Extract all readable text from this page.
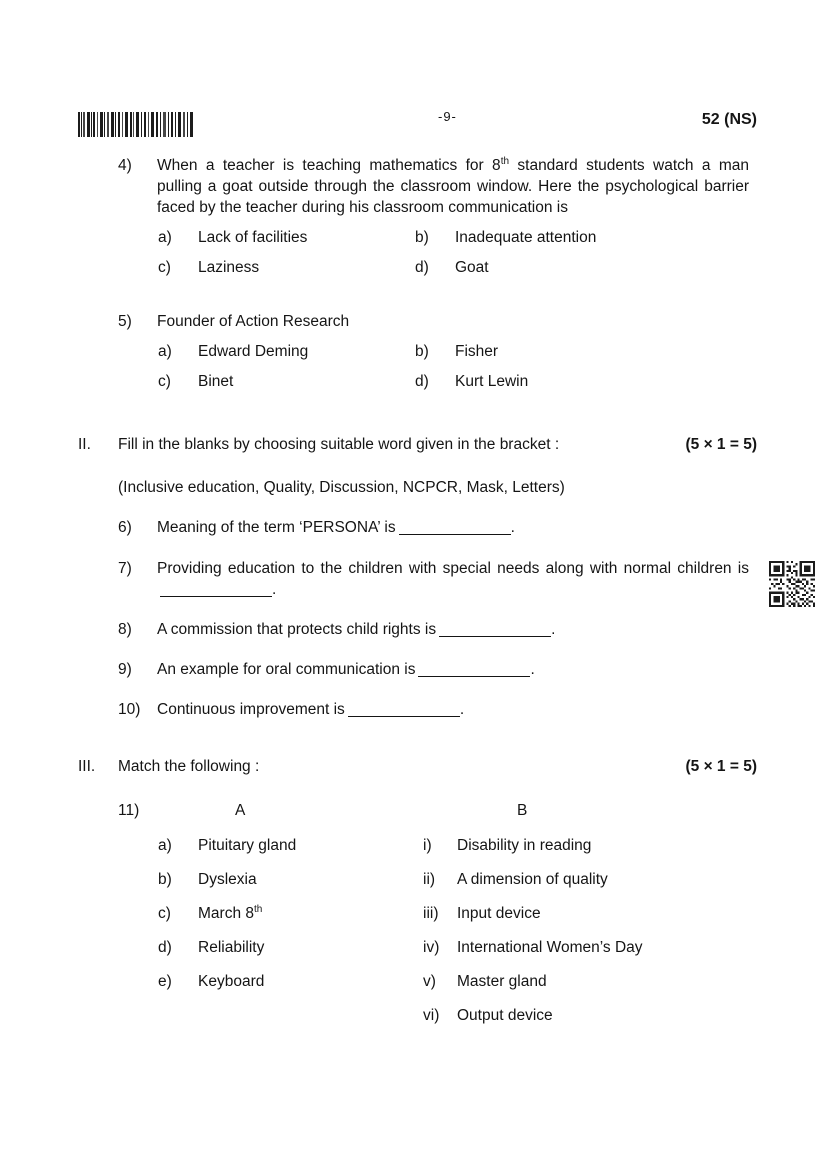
-9-	52 (NS)
4)	When a teacher is teaching mathematics for 8th standard students watch a man pulling a goat outside through the classroom window. Here the psychological barrier faced by the teacher during his classroom communication is
a)	Lack of facilities	b)	Inadequate attention
c)	Laziness	d)	Goat
5)	Founder of Action Research
a)	Edward Deming	b)	Fisher
c)	Binet	d)	Kurt Lewin
II.	Fill in the blanks by choosing suitable word given in the bracket :	(5 × 1 = 5)
(Inclusive education, Quality, Discussion, NCPCR, Mask, Letters)
6)	Meaning of the term ‘PERSONA’ is	.
7)	Providing education to the children with special needs along with normal children is.
8)	A commission that protects child rights is	.
9)	An example for oral communication is	.
10)	Continuous improvement is	.
III.	Match the following :	(5 × 1 = 5)
11)	A	B
a)	Pituitary gland	i)	Disability in reading
b)	Dyslexia	ii)	A dimension of quality
c)	March 8th	iii)	Input device
d)	Reliability	iv)	International Women’s Day
e)	Keyboard	v)	Master gland
vi)	Output device
